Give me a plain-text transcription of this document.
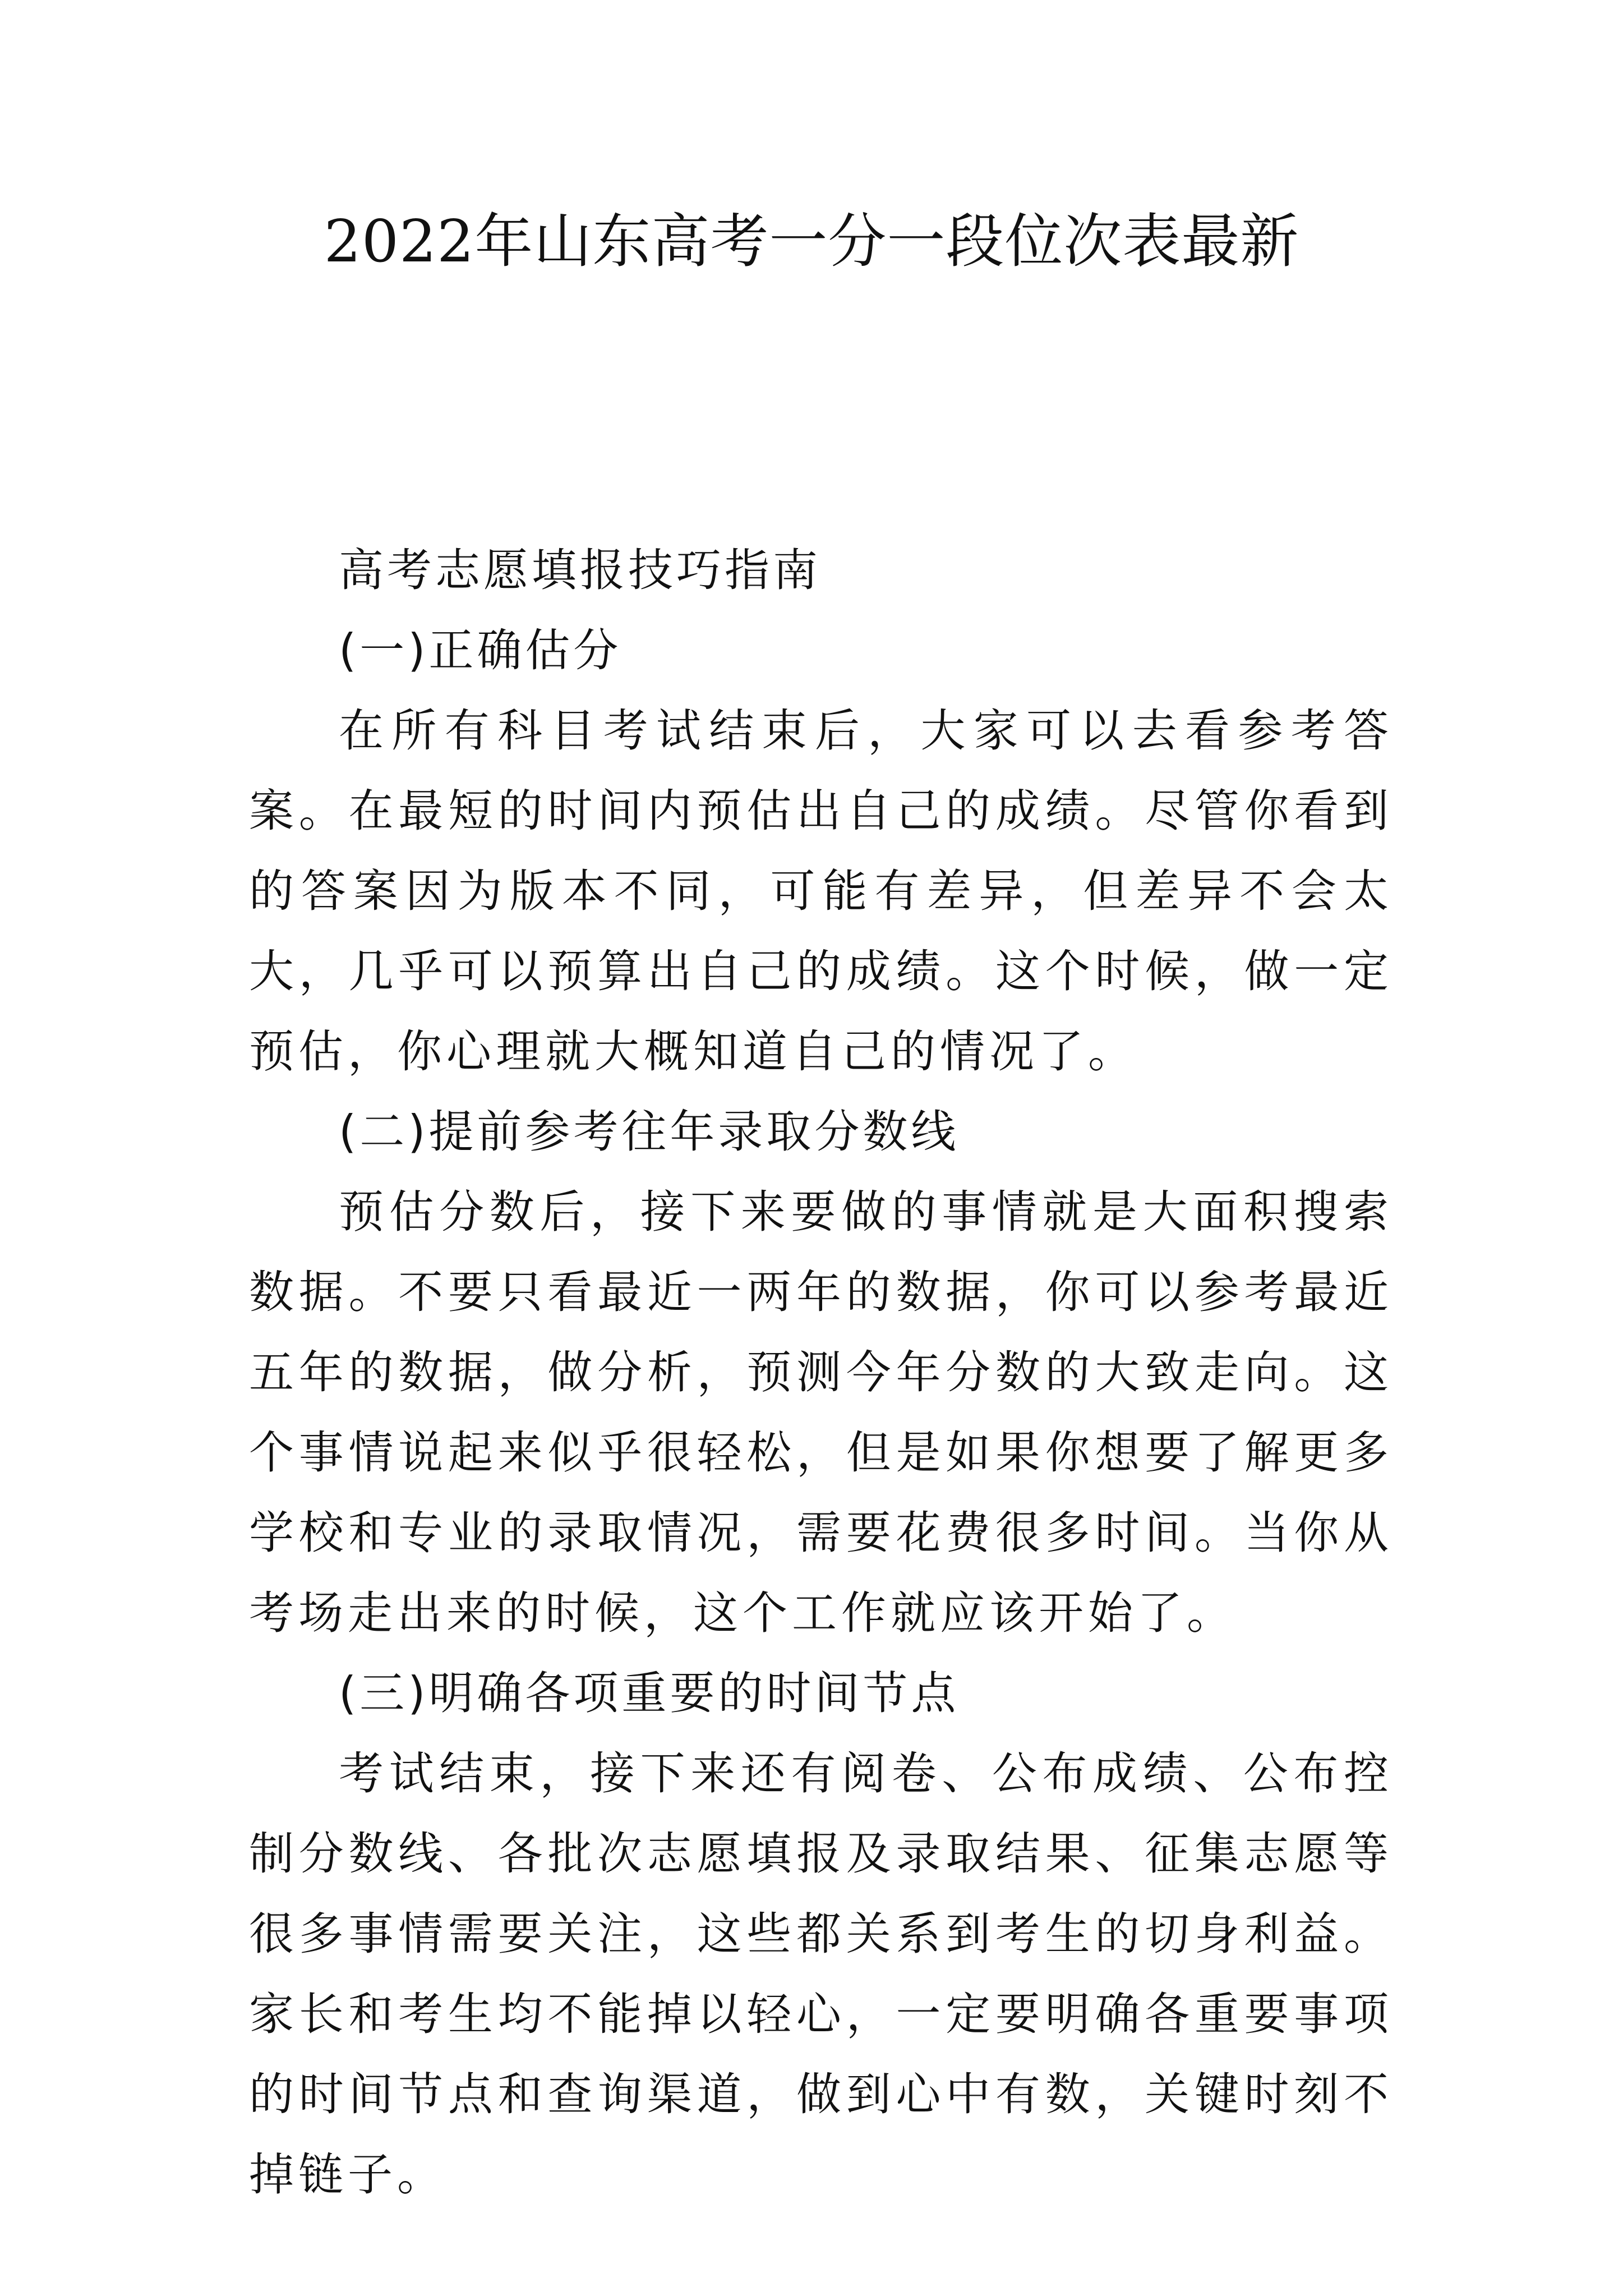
2022年山东高考一分一段位次表最新

高考志愿填报技巧指南

(一)正确估分

在所有科目考试结束后，大家可以去看参考答案。在最短的时间内预估出自己的成绩。尽管你看到的答案因为版本不同，可能有差异，但差异不会太大，几乎可以预算出自己的成绩。这个时候，做一定预估，你心理就大概知道自己的情况了。

(二)提前参考往年录取分数线

预估分数后，接下来要做的事情就是大面积搜索数据。不要只看最近一两年的数据，你可以参考最近五年的数据，做分析，预测今年分数的大致走向。这个事情说起来似乎很轻松，但是如果你想要了解更多学校和专业的录取情况，需要花费很多时间。当你从考场走出来的时候，这个工作就应该开始了。

(三)明确各项重要的时间节点

考试结束，接下来还有阅卷、公布成绩、公布控制分数线、各批次志愿填报及录取结果、征集志愿等很多事情需要关注，这些都关系到考生的切身利益。家长和考生均不能掉以轻心，一定要明确各重要事项的时间节点和查询渠道，做到心中有数，关键时刻不掉链子。
